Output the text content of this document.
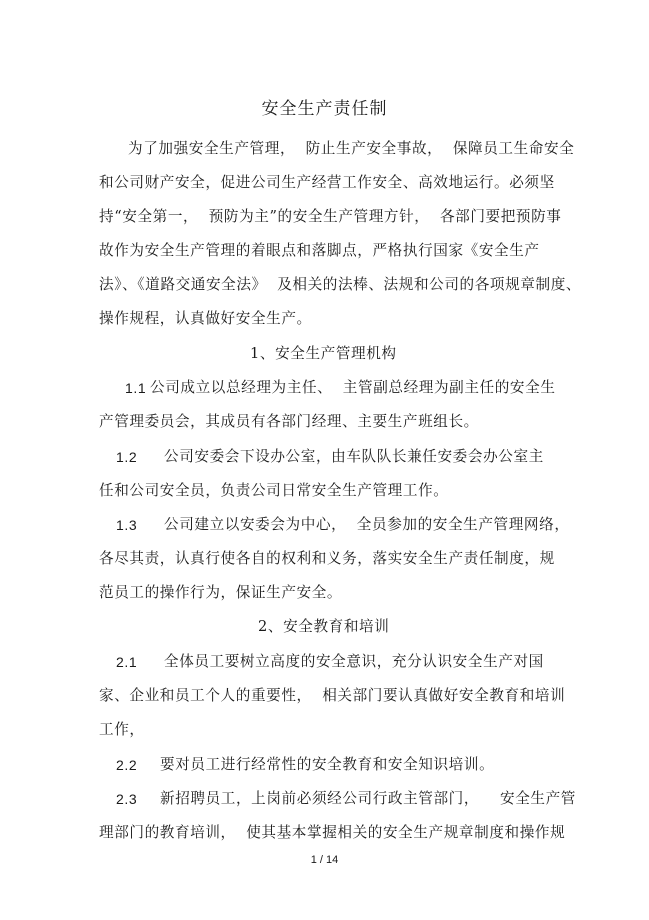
安全生产责任制
为了加强安全生产管理，  防止生产安全事故，  保障员工生命安全
和公司财产安全，促进公司生产经营工作安全、高效地运行。必须坚
持“安全第一，  预防为主”的安全生产管理方针，  各部门要把预防事
故作为安全生产管理的着眼点和落脚点，严格执行国家《安全生产
法》、《道路交通安全法》  及相关的法棒、法规和公司的各项规章制度、
操作规程，认真做好安全生产。
1、安全生产管理机构
1.1 公司成立以总经理为主任、  主管副总经理为副主任的安全生
产管理委员会，其成员有各部门经理、主要生产班组长。
1.2 公司安委会下设办公室，由车队队长兼任安委会办公室主
任和公司安全员，负责公司日常安全生产管理工作。
1.3 公司建立以安委会为中心，  全员参加的安全生产管理网络，
各尽其责，认真行使各自的权利和义务，落实安全生产责任制度，规
范员工的操作行为，保证生产安全。
2、安全教育和培训
2.1 全体员工要树立高度的安全意识，充分认识安全生产对国
家、企业和员工个人的重要性，  相关部门要认真做好安全教育和培训
工作，
2.2 要对员工进行经常性的安全教育和安全知识培训。
2.3 新招聘员工，上岗前必须经公司行政主管部门，    安全生产管
理部门的教育培训，  使其基本掌握相关的安全生产规章制度和操作规
1 / 14
